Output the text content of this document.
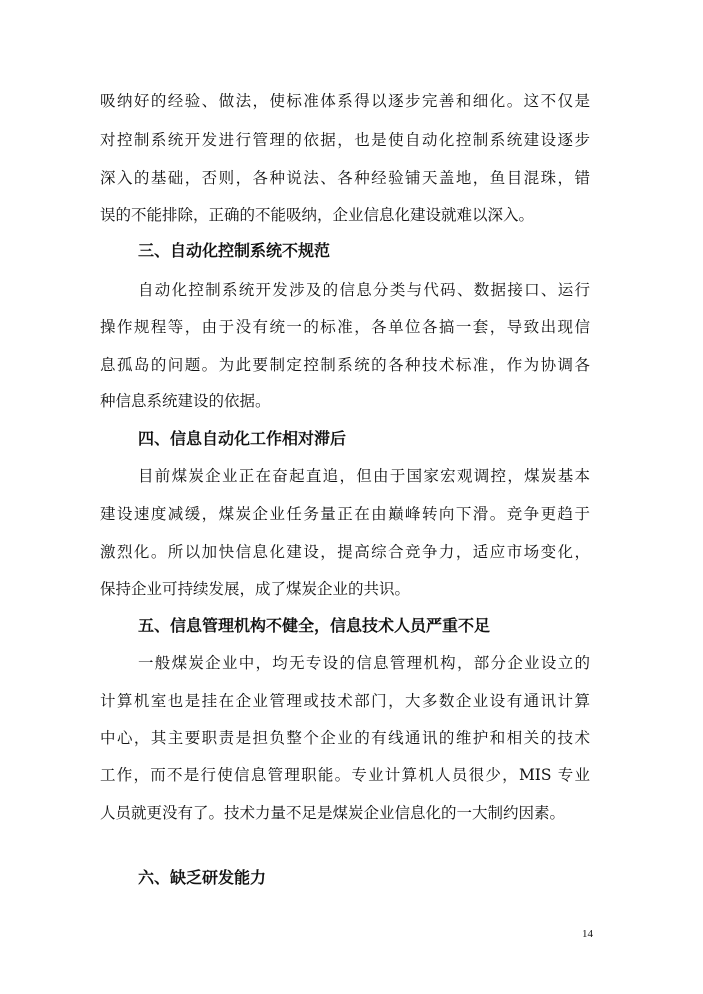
吸纳好的经验、做法，使标准体系得以逐步完善和细化。这不仅是
对控制系统开发进行管理的依据，也是使自动化控制系统建设逐步
深入的基础，否则，各种说法、各种经验铺天盖地，鱼目混珠，错
误的不能排除，正确的不能吸纳，企业信息化建设就难以深入。
三、自动化控制系统不规范
自动化控制系统开发涉及的信息分类与代码、数据接口、运行
操作规程等，由于没有统一的标准，各单位各搞一套，导致出现信
息孤岛的问题。为此要制定控制系统的各种技术标准，作为协调各
种信息系统建设的依据。
四、信息自动化工作相对滞后
目前煤炭企业正在奋起直追，但由于国家宏观调控，煤炭基本
建设速度减缓，煤炭企业任务量正在由巅峰转向下滑。竞争更趋于
激烈化。所以加快信息化建设，提高综合竞争力，适应市场变化，
保持企业可持续发展，成了煤炭企业的共识。
五、信息管理机构不健全，信息技术人员严重不足
一般煤炭企业中，均无专设的信息管理机构，部分企业设立的
计算机室也是挂在企业管理或技术部门，大多数企业设有通讯计算
中心，其主要职责是担负整个企业的有线通讯的维护和相关的技术
工作，而不是行使信息管理职能。专业计算机人员很少，MIS 专业
人员就更没有了。技术力量不足是煤炭企业信息化的一大制约因素。
六、缺乏研发能力
14
